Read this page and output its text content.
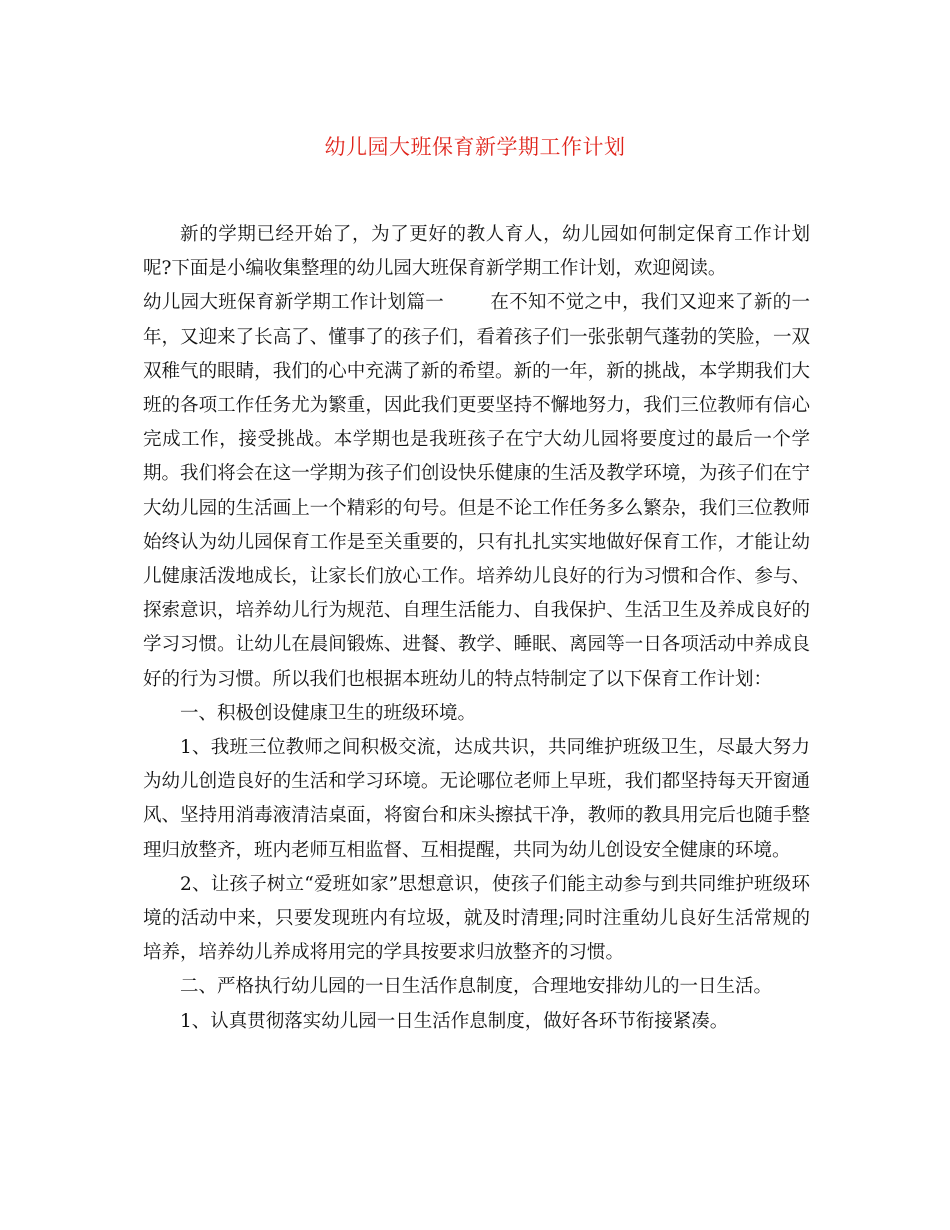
幼儿园大班保育新学期工作计划

新的学期已经开始了，为了更好的教人育人，幼儿园如何制定保育工作计划呢?下面是小编收集整理的幼儿园大班保育新学期工作计划，欢迎阅读。

幼儿园大班保育新学期工作计划篇一 在不知不觉之中，我们又迎来了新的一年，又迎来了长高了、懂事了的孩子们，看着孩子们一张张朝气蓬勃的笑脸，一双双稚气的眼睛，我们的心中充满了新的希望。新的一年，新的挑战，本学期我们大班的各项工作任务尤为繁重，因此我们更要坚持不懈地努力，我们三位教师有信心完成工作，接受挑战。本学期也是我班孩子在宁大幼儿园将要度过的最后一个学期。我们将会在这一学期为孩子们创设快乐健康的生活及教学环境，为孩子们在宁大幼儿园的生活画上一个精彩的句号。但是不论工作任务多么繁杂，我们三位教师始终认为幼儿园保育工作是至关重要的，只有扎扎实实地做好保育工作，才能让幼儿健康活泼地成长，让家长们放心工作。培养幼儿良好的行为习惯和合作、参与、探索意识，培养幼儿行为规范、自理生活能力、自我保护、生活卫生及养成良好的学习习惯。让幼儿在晨间锻炼、进餐、教学、睡眠、离园等一日各项活动中养成良好的行为习惯。所以我们也根据本班幼儿的特点特制定了以下保育工作计划：

一、积极创设健康卫生的班级环境。

1、我班三位教师之间积极交流，达成共识，共同维护班级卫生，尽最大努力为幼儿创造良好的生活和学习环境。无论哪位老师上早班，我们都坚持每天开窗通风、坚持用消毒液清洁桌面，将窗台和床头擦拭干净，教师的教具用完后也随手整理归放整齐，班内老师互相监督、互相提醒，共同为幼儿创设安全健康的环境。

2、让孩子树立“爱班如家”思想意识，使孩子们能主动参与到共同维护班级环境的活动中来，只要发现班内有垃圾，就及时清理;同时注重幼儿良好生活常规的培养，培养幼儿养成将用完的学具按要求归放整齐的习惯。

二、严格执行幼儿园的一日生活作息制度，合理地安排幼儿的一日生活。

1、认真贯彻落实幼儿园一日生活作息制度，做好各环节衔接紧凑。
